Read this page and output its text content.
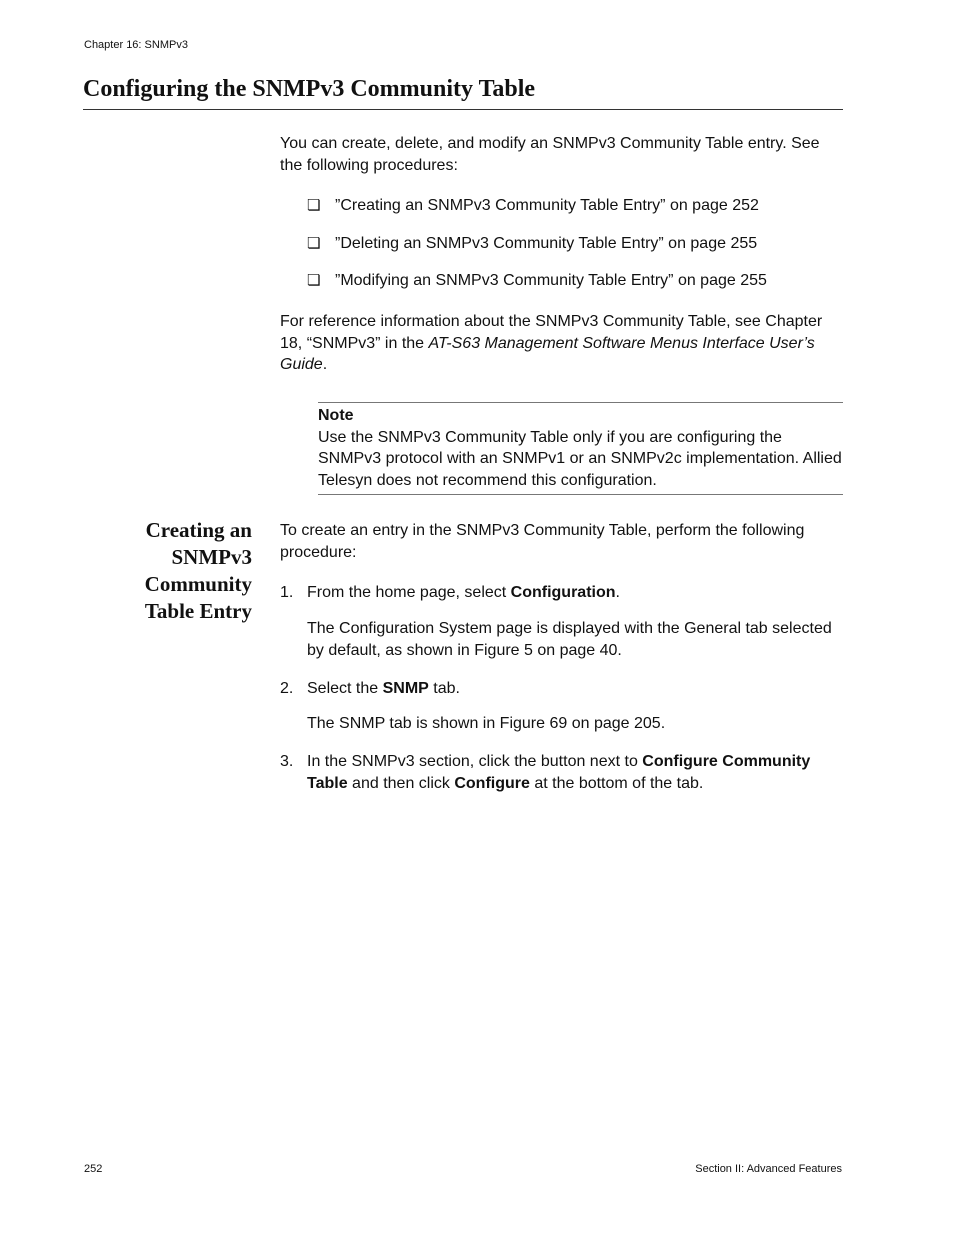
Chapter 16: SNMPv3
Configuring the SNMPv3 Community Table
You can create, delete, and modify an SNMPv3 Community Table entry. See the following procedures:
❏ ”Creating an SNMPv3 Community Table Entry” on page 252
❏ ”Deleting an SNMPv3 Community Table Entry” on page 255
❏ ”Modifying an SNMPv3 Community Table Entry” on page 255
For reference information about the SNMPv3 Community Table, see Chapter 18, “SNMPv3” in the AT-S63 Management Software Menus Interface User’s Guide.
Note
Use the SNMPv3 Community Table only if you are configuring the SNMPv3 protocol with an SNMPv1 or an SNMPv2c implementation. Allied Telesyn does not recommend this configuration.
Creating an
SNMPv3
Community
Table Entry
To create an entry in the SNMPv3 Community Table, perform the following procedure:
1. From the home page, select Configuration.
The Configuration System page is displayed with the General tab selected by default, as shown in Figure 5 on page 40.
2. Select the SNMP tab.
The SNMP tab is shown in Figure 69 on page 205.
3. In the SNMPv3 section, click the button next to Configure Community Table and then click Configure at the bottom of the tab.
252	Section II: Advanced Features
